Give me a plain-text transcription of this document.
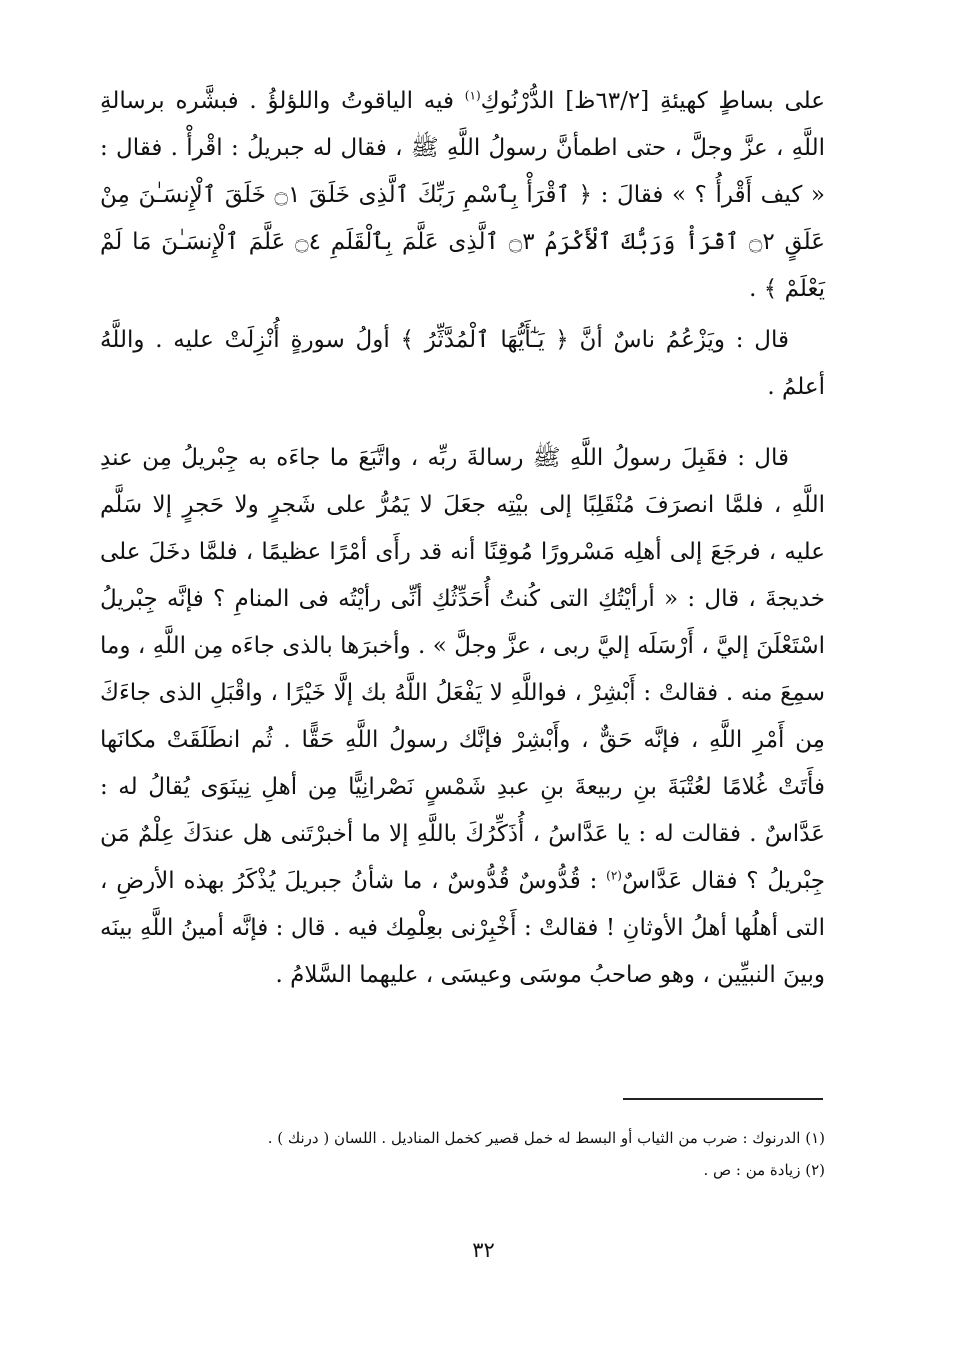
على بساطٍ كهيئةِ [٦٣/٢ظ] الدُّرْنُوكِ$^{(١)}$ فيه الياقوتُ واللؤلؤُ . فبشَّره برسالةِ اللَّهِ ، عزَّ وجلَّ ، حتى اطمأنَّ رسولُ اللَّهِ ﷺ ، فقال له جبريلُ : اقْرأْ . فقال : « كيف أَقْرأُ ؟ » فقالَ : ﴿ ٱقْرَأْ بِٱسْمِ رَبِّكَ ٱلَّذِى خَلَقَ ۝١ خَلَقَ ٱلْإِنسَـٰنَ مِنْ عَلَقٍ ۝٢ ٱقْرَأْ وَرَبُّكَ ٱلْأَكْرَمُ ۝٣ ٱلَّذِى عَلَّمَ بِٱلْقَلَمِ ۝٤ عَلَّمَ ٱلْإِنسَـٰنَ مَا لَمْ يَعْلَمْ ﴾ .

قال : ويَزْعُمُ ناسٌ أنَّ ﴿ يَـٰٓأَيُّهَا ٱلْمُدَّثِّرُ ﴾ أولُ سورةٍ أُنْزِلَتْ عليه . واللَّهُ أعلمُ .

قال : فقَبِلَ رسولُ اللَّهِ ﷺ رسالةَ ربِّه ، واتَّبَعَ ما جاءَه به جِبْريلُ مِن عندِ اللَّهِ ، فلمَّا انصرَفَ مُنْقَلِبًا إلى بيْتِه جعَلَ لا يَمُرُّ على شَجرٍ ولا حَجرٍ إلا سَلَّم عليه ، فرجَعَ إلى أهلِه مَسْرورًا مُوقِنًا أنه قد رأَى أمْرًا عظيمًا ، فلمَّا دخَلَ على خديجةَ ، قال : « أرأيْتُكِ التى كُنتُ أُحَدِّثُكِ أنِّى رأيْتُه فى المنامِ ؟ فإنَّه جِبْريلُ اسْتَعْلَنَ إليَّ ، أَرْسَلَه إليَّ ربى ، عزَّ وجلَّ » . وأخبرَها بالذى جاءَه مِن اللَّهِ ، وما سمِعَ منه . فقالتْ : أَبْشِرْ ، فواللَّهِ لا يَفْعَلُ اللَّهُ بك إلَّا خَيْرًا ، واقْبَلِ الذى جاءَكَ مِن أَمْرِ اللَّهِ ، فإنَّه حَقٌّ ، وأَبْشِرْ فإنَّك رسولُ اللَّهِ حَقًّا . ثُم انطَلَقَتْ مكانَها فأَتَتْ غُلامًا لعُتْبَةَ بنِ ربيعةَ بنِ عبدِ شَمْسٍ نَصْرانِيًّا مِن أهلِ نِينَوَى يُقالُ له : عَدَّاسٌ . فقالت له : يا عَدَّاسُ ، أُذَكِّرُكَ باللَّهِ إلا ما أخبرْتَنى هل عندَكَ عِلْمٌ مَن جِبْريلُ ؟ فقال عَدَّاسٌ$^{(٢)}$ : قُدُّوسٌ قُدُّوسٌ ، ما شأنُ جبريلَ يُذْكَرُ بهذه الأرضِ ، التى أهلُها أهلُ الأوثانِ ! فقالتْ : أَخْبِرْنى بعِلْمِك فيه . قال : فإنَّه أمينُ اللَّهِ بينَه وبينَ النبيِّين ، وهو صاحبُ موسَى وعيسَى ، عليهما السَّلامُ .

(١) الدرنوك : ضرب من الثياب أو البسط له خمل قصير كخمل المناديل . اللسان ( درنك ) .

(٢) زيادة من : ص .

٣٢
